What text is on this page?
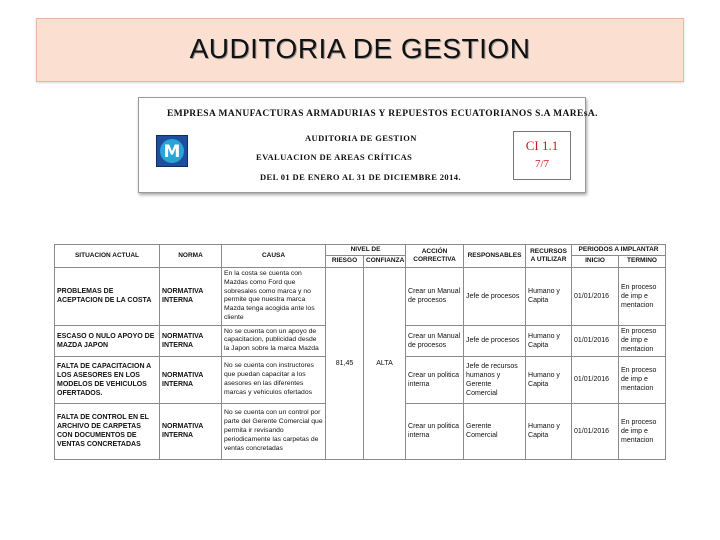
AUDITORIA DE GESTION
EMPRESA MANUFACTURAS ARMADURIAS Y REPUESTOS ECUATORIANOS S.A MAREsA.
M
AUDITORIA DE GESTION
EVALUACION DE AREAS CRÍTICAS
DEL 01 DE ENERO AL 31 DE DICIEMBRE 2014.
CI 1.1
7/7
SITUACION ACTUAL	NORMA	CAUSA	NIVEL DE		ACCIÓN CORRECTIVA	RESPONSABLES	RECURSOS A UTILIZAR	PERIODOS A IMPLANTAR	
			RIESGO	CONFIANZA				INICIO	TERMINO
PROBLEMAS DE ACEPTACION DE LA COSTA	NORMATIVA INTERNA	En la costa se cuenta con Mazdas como Ford que sobresales como marca y no permite que nuestra marca Mazda tenga acogida ante los cliente	81,45	ALTA	Crear un Manual de procesos	Jefe de procesos	Humano y Capita	01/01/2016	En proceso de imp e mentacion
ESCASO O NULO APOYO DE MAZDA JAPON	NORMATIVA INTERNA	No se cuenta con un apoyo de capacitacion, publicidad desde la Japon sobre la marca Mazda			Crear un Manual de procesos	Jefe de procesos	Humano y Capita	01/01/2016	En proceso de imp e mentacion
FALTA DE CAPACITACION A LOS ASESORES EN LOS MODELOS DE VEHICULOS OFERTADOS.	NORMATIVA INTERNA	No se cuenta con instructores que puedan capacitar a los asesores en las diferentes marcas y vehiculos ofertados			Crear un politica interna	Jefe de recursos humanos y Gerente Comercial	Humano y Capita	01/01/2016	En proceso de imp e mentacion
FALTA DE CONTROL EN EL ARCHIVO DE CARPETAS CON DOCUMENTOS DE VENTAS CONCRETADAS	NORMATIVA INTERNA	No se cuenta con un control por parte del Gerente Comercial que permita ir revisando periodicamente las carpetas de ventas concretadas			Crear un politica interna	Gerente Comercial	Humano y Capita	01/01/2016	En proceso de imp e mentacion
